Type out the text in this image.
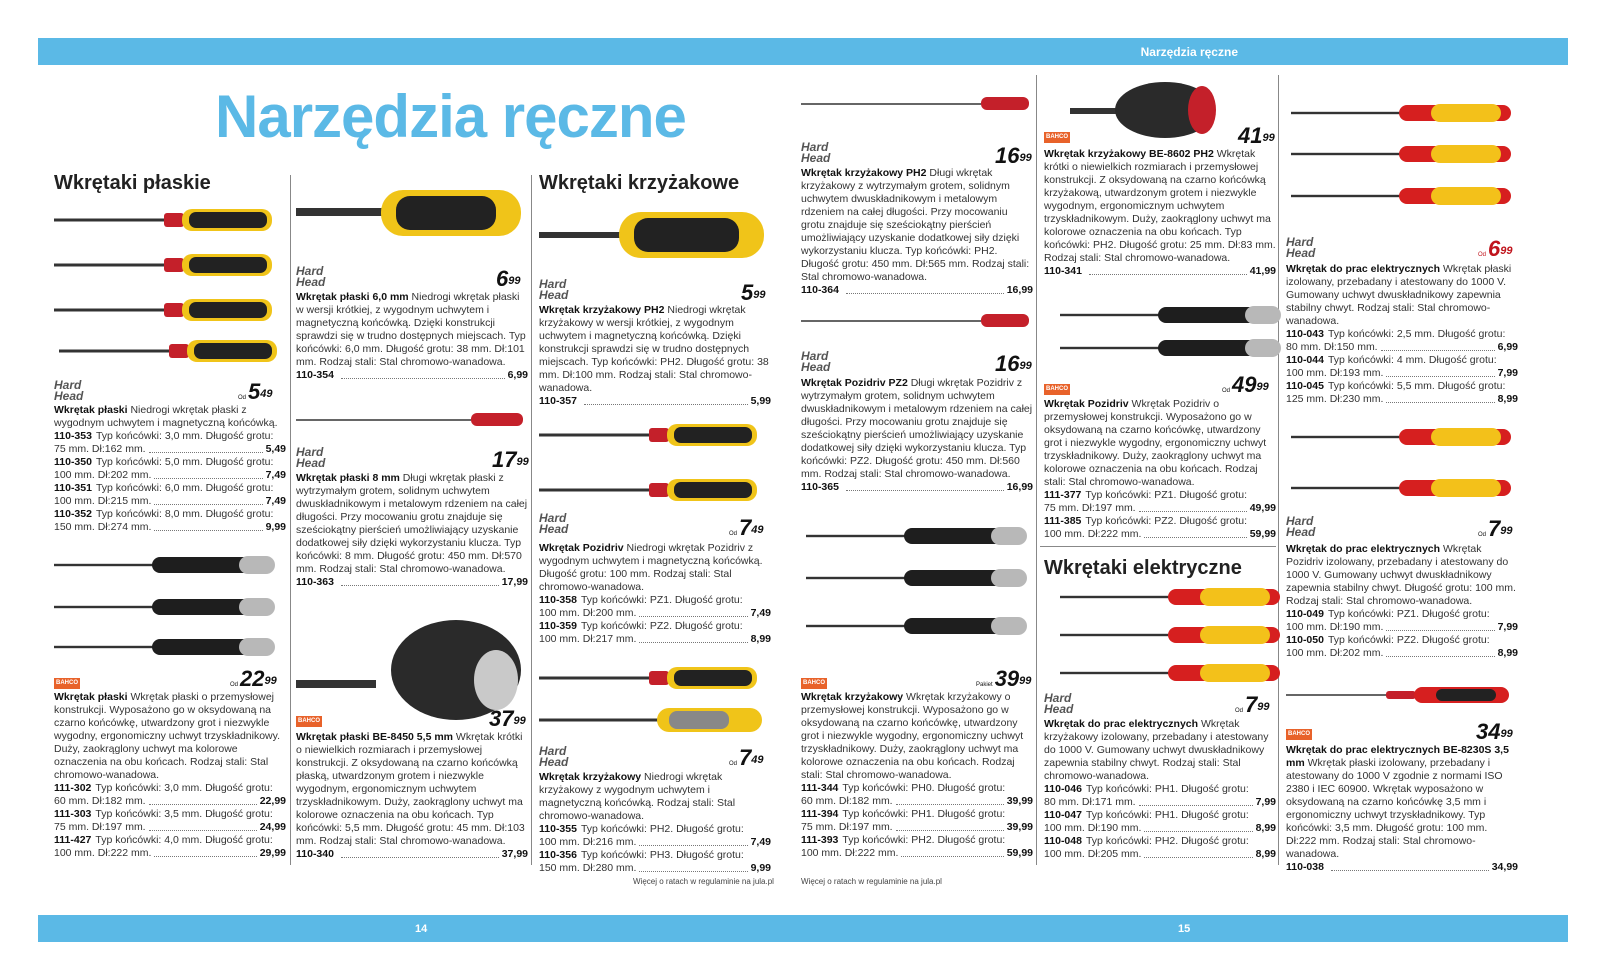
Narzędzia ręczne
14	15
Narzędzia ręczne
Wkrętaki płaskie	Wkrętaki krzyżakowe
Wkrętaki elektryczne
Hard
Head
Hard
Head
Hard
Head
Hard
Head
Hard
Head
Hard
Head
Hard
Head
Hard
Head
Hard
Head
Hard
Head
Hard
Head
BAHCO
BAHCO
BAHCO
BAHCO
BAHCO
BAHCO
$Od5^{49}$
$Od22^{99}$
$6^{99}$
$17^{99}$
$37^{99}$
$5^{99}$
$Od7^{49}$
$Od7^{49}$
$16^{99}$
$16^{99}$
$Pakiet39^{99}$
$41^{99}$
$Od49^{99}$
$Od7^{99}$
$Od6^{99}$
$Od7^{99}$
$34^{99}$
Wkrętak płaski Niedrogi wkrętak płaski z wygodnym uchwytem i magnetyczną końcówką.
110-353 Typ końcówki: 3,0 mm. Długość grotu:
75 mm. Dł:162 mm.	5,49
110-350 Typ końcówki: 5,0 mm. Długość grotu:
100 mm. Dł:202 mm.	7,49
110-351 Typ końcówki: 6,0 mm. Długość grotu:
100 mm. Dł:215 mm.	7,49
110-352 Typ końcówki: 8,0 mm. Długość grotu:
150 mm. Dł:274 mm.	9,99
Wkrętak płaski Wkrętak płaski o przemysłowej konstrukcji. Wyposażono go w oksydowaną na czarno końcówkę, utwardzony grot i niezwykle wygodny, ergonomiczny uchwyt trzyskładnikowy. Duży, zaokrąglony uchwyt ma kolorowe oznaczenia na obu końcach. Rodzaj stali: Stal chromowo-wanadowa.
111-302 Typ końcówki: 3,0 mm. Długość grotu:
60 mm. Dł:182 mm.	22,99
111-303 Typ końcówki: 3,5 mm. Długość grotu:
75 mm. Dł:197 mm.	24,99
111-427 Typ końcówki: 4,0 mm. Długość grotu:
100 mm. Dł:222 mm.	29,99
Wkrętak płaski 6,0 mm Niedrogi wkrętak płaski w wersji krótkiej, z wygodnym uchwytem i magnetyczną końcówką. Dzięki konstrukcji sprawdzi się w trudno dostępnych miejscach. Typ końcówki: 6,0 mm. Długość grotu: 38 mm. Dł:101 mm. Rodzaj stali: Stal chromowo-wanadowa.
110-354	6,99
Wkrętak płaski 8 mm Długi wkrętak płaski z wytrzymałym grotem, solidnym uchwytem dwuskładnikowym i metalowym rdzeniem na całej długości. Przy mocowaniu grotu znajduje się sześciokątny pierścień umożliwiający uzyskanie dodatkowej siły dzięki wykorzystaniu klucza. Typ końcówki: 8 mm. Długość grotu: 450 mm. Dł:570 mm. Rodzaj stali: Stal chromowo-wanadowa.
110-363	17,99
Wkrętak płaski BE-8450 5,5 mm Wkrętak krótki o niewielkich rozmiarach i przemysłowej konstrukcji. Z oksydowaną na czarno końcówką płaską, utwardzonym grotem i niezwykle wygodnym, ergonomicznym uchwytem trzyskładnikowym. Duży, zaokrąglony uchwyt ma kolorowe oznaczenia na obu końcach. Typ końcówki: 5,5 mm. Długość grotu: 45 mm. Dł:103 mm. Rodzaj stali: Stal chromowo-wanadowa.
110-340	37,99
Wkrętak krzyżakowy PH2 Niedrogi wkrętak krzyżakowy w wersji krótkiej, z wygodnym uchwytem i magnetyczną końcówką. Dzięki konstrukcji sprawdzi się w trudno dostępnych miejscach. Typ końcówki: PH2. Długość grotu: 38 mm. Dł:100 mm. Rodzaj stali: Stal chromowo-wanadowa.
110-357	5,99
Wkrętak Pozidriv Niedrogi wkrętak Pozidriv z wygodnym uchwytem i magnetyczną końcówką. Długość grotu: 100 mm. Rodzaj stali: Stal chromowo-wanadowa.
110-358 Typ końcówki: PZ1. Długość grotu:
100 mm. Dł:200 mm.	7,49
110-359 Typ końcówki: PZ2. Długość grotu:
100 mm. Dł:217 mm.	8,99
Wkrętak krzyżakowy Niedrogi wkrętak krzyżakowy z wygodnym uchwytem i magnetyczną końcówką. Rodzaj stali: Stal chromowo-wanadowa.
110-355 Typ końcówki: PH2. Długość grotu:
100 mm. Dł:216 mm.	7,49
110-356 Typ końcówki: PH3. Długość grotu:
150 mm. Dł:280 mm.	9,99
Wkrętak krzyżakowy PH2 Długi wkrętak krzyżakowy z wytrzymałym grotem, solidnym uchwytem dwuskładnikowym i metalowym rdzeniem na całej długości. Przy mocowaniu grotu znajduje się sześciokątny pierścień umożliwiający uzyskanie dodatkowej siły dzięki wykorzystaniu klucza. Typ końcówki: PH2. Długość grotu: 450 mm. Dł:565 mm. Rodzaj stali: Stal chromowo-wanadowa.
110-364	16,99
Wkrętak Pozidriv PZ2 Długi wkrętak Pozidriv z wytrzymałym grotem, solidnym uchwytem dwuskładnikowym i metalowym rdzeniem na całej długości. Przy mocowaniu grotu znajduje się sześciokątny pierścień umożliwiający uzyskanie dodatkowej siły dzięki wykorzystaniu klucza. Typ końcówki: PZ2. Długość grotu: 450 mm. Dł:560 mm. Rodzaj stali: Stal chromowo-wanadowa.
110-365	16,99
Wkrętak krzyżakowy Wkrętak krzyżakowy o przemysłowej konstrukcji. Wyposażono go w oksydowaną na czarno końcówkę, utwardzony grot i niezwykle wygodny, ergonomiczny uchwyt trzyskładnikowy. Duży, zaokrąglony uchwyt ma kolorowe oznaczenia na obu końcach. Rodzaj stali: Stal chromowo-wanadowa.
111-344 Typ końcówki: PH0. Długość grotu:
60 mm. Dł:182 mm.	39,99
111-394 Typ końcówki: PH1. Długość grotu:
75 mm. Dł:197 mm.	39,99
111-393 Typ końcówki: PH2. Długość grotu:
100 mm. Dł:222 mm.	59,99
Wkrętak krzyżakowy BE-8602 PH2 Wkrętak krótki o niewielkich rozmiarach i przemysłowej konstrukcji. Z oksydowaną na czarno końcówką krzyżakową, utwardzonym grotem i niezwykle wygodnym, ergonomicznym uchwytem trzyskładnikowym. Duży, zaokrąglony uchwyt ma kolorowe oznaczenia na obu końcach. Typ końcówki: PH2. Długość grotu: 25 mm. Dł:83 mm. Rodzaj stali: Stal chromowo-wanadowa.
110-341	41,99
Wkrętak Pozidriv Wkrętak Pozidriv o przemysłowej konstrukcji. Wyposażono go w oksydowaną na czarno końcówkę, utwardzony grot i niezwykle wygodny, ergonomiczny uchwyt trzyskładnikowy. Duży, zaokrąglony uchwyt ma kolorowe oznaczenia na obu końcach. Rodzaj stali: Stal chromowo-wanadowa.
111-377 Typ końcówki: PZ1. Długość grotu:
75 mm. Dł:197 mm.	49,99
111-385 Typ końcówki: PZ2. Długość grotu:
100 mm. Dł:222 mm.	59,99
Wkrętak do prac elektrycznych Wkrętak krzyżakowy izolowany, przebadany i atestowany do 1000 V. Gumowany uchwyt dwuskładnikowy zapewnia stabilny chwyt. Rodzaj stali: Stal chromowo-wanadowa.
110-046 Typ końcówki: PH1. Długość grotu:
80 mm. Dł:171 mm.	7,99
110-047 Typ końcówki: PH1. Długość grotu:
100 mm. Dł:190 mm.	8,99
110-048 Typ końcówki: PH2. Długość grotu:
100 mm. Dł:205 mm.	8,99
Wkrętak do prac elektrycznych Wkrętak płaski izolowany, przebadany i atestowany do 1000 V. Gumowany uchwyt dwuskładnikowy zapewnia stabilny chwyt. Rodzaj stali: Stal chromowo-wanadowa.
110-043 Typ końcówki: 2,5 mm. Długość grotu:
80 mm. Dł:150 mm.	6,99
110-044 Typ końcówki: 4 mm. Długość grotu:
100 mm. Dł:193 mm.	7,99
110-045 Typ końcówki: 5,5 mm. Długość grotu:
125 mm. Dł:230 mm.	8,99
Wkrętak do prac elektrycznych Wkrętak Pozidriv izolowany, przebadany i atestowany do 1000 V. Gumowany uchwyt dwuskładnikowy zapewnia stabilny chwyt. Długość grotu: 100 mm. Rodzaj stali: Stal chromowo-wanadowa.
110-049 Typ końcówki: PZ1. Długość grotu:
100 mm. Dł:190 mm.	7,99
110-050 Typ końcówki: PZ2. Długość grotu:
100 mm. Dł:202 mm.	8,99
Wkrętak do prac elektrycznych BE-8230S 3,5 mm Wkrętak płaski izolowany, przebadany i atestowany do 1000 V zgodnie z normami ISO 2380 i IEC 60900. Wkrętak wyposażono w oksydowaną na czarno końcówkę 3,5 mm i ergonomiczny uchwyt trzyskładnikowy. Typ końcówki: 3,5 mm. Długość grotu: 100 mm. Dł:222 mm. Rodzaj stali: Stal chromowo-wanadowa.
110-038	34,99
Więcej o ratach w regulaminie na jula.pl	Więcej o ratach w regulaminie na jula.pl
